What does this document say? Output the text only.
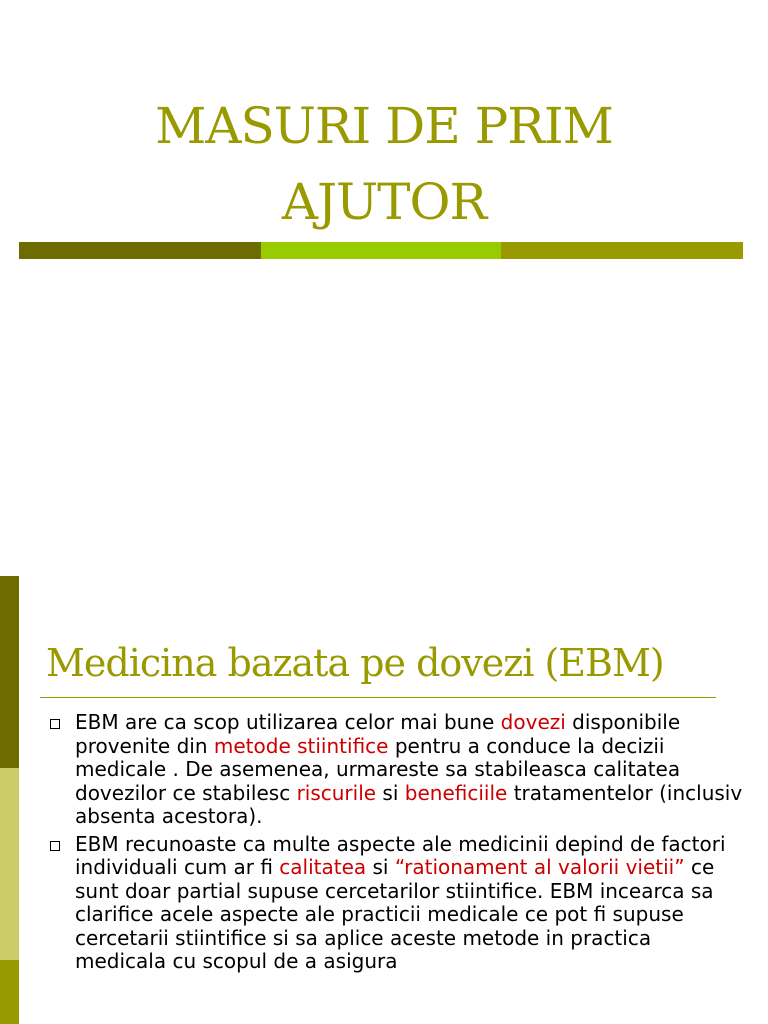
MASURI DE PRIM
AJUTOR
Medicina bazata pe dovezi (EBM)
EBM are ca scop utilizarea celor mai bune dovezi disponibile provenite din metode stiintifice pentru a conduce la decizii medicale . De asemenea, urmareste sa stabileasca calitatea dovezilor ce stabilesc riscurile si beneficiile tratamentelor (inclusiv absenta acestora).
EBM recunoaste ca multe aspecte ale medicinii depind de factori individuali cum ar fi calitatea si “rationament al valorii vietii” ce sunt doar partial supuse cercetarilor stiintifice. EBM incearca sa clarifice acele aspecte ale practicii medicale ce pot fi supuse cercetarii stiintifice si sa aplice aceste metode in practica medicala cu scopul de a asigura
